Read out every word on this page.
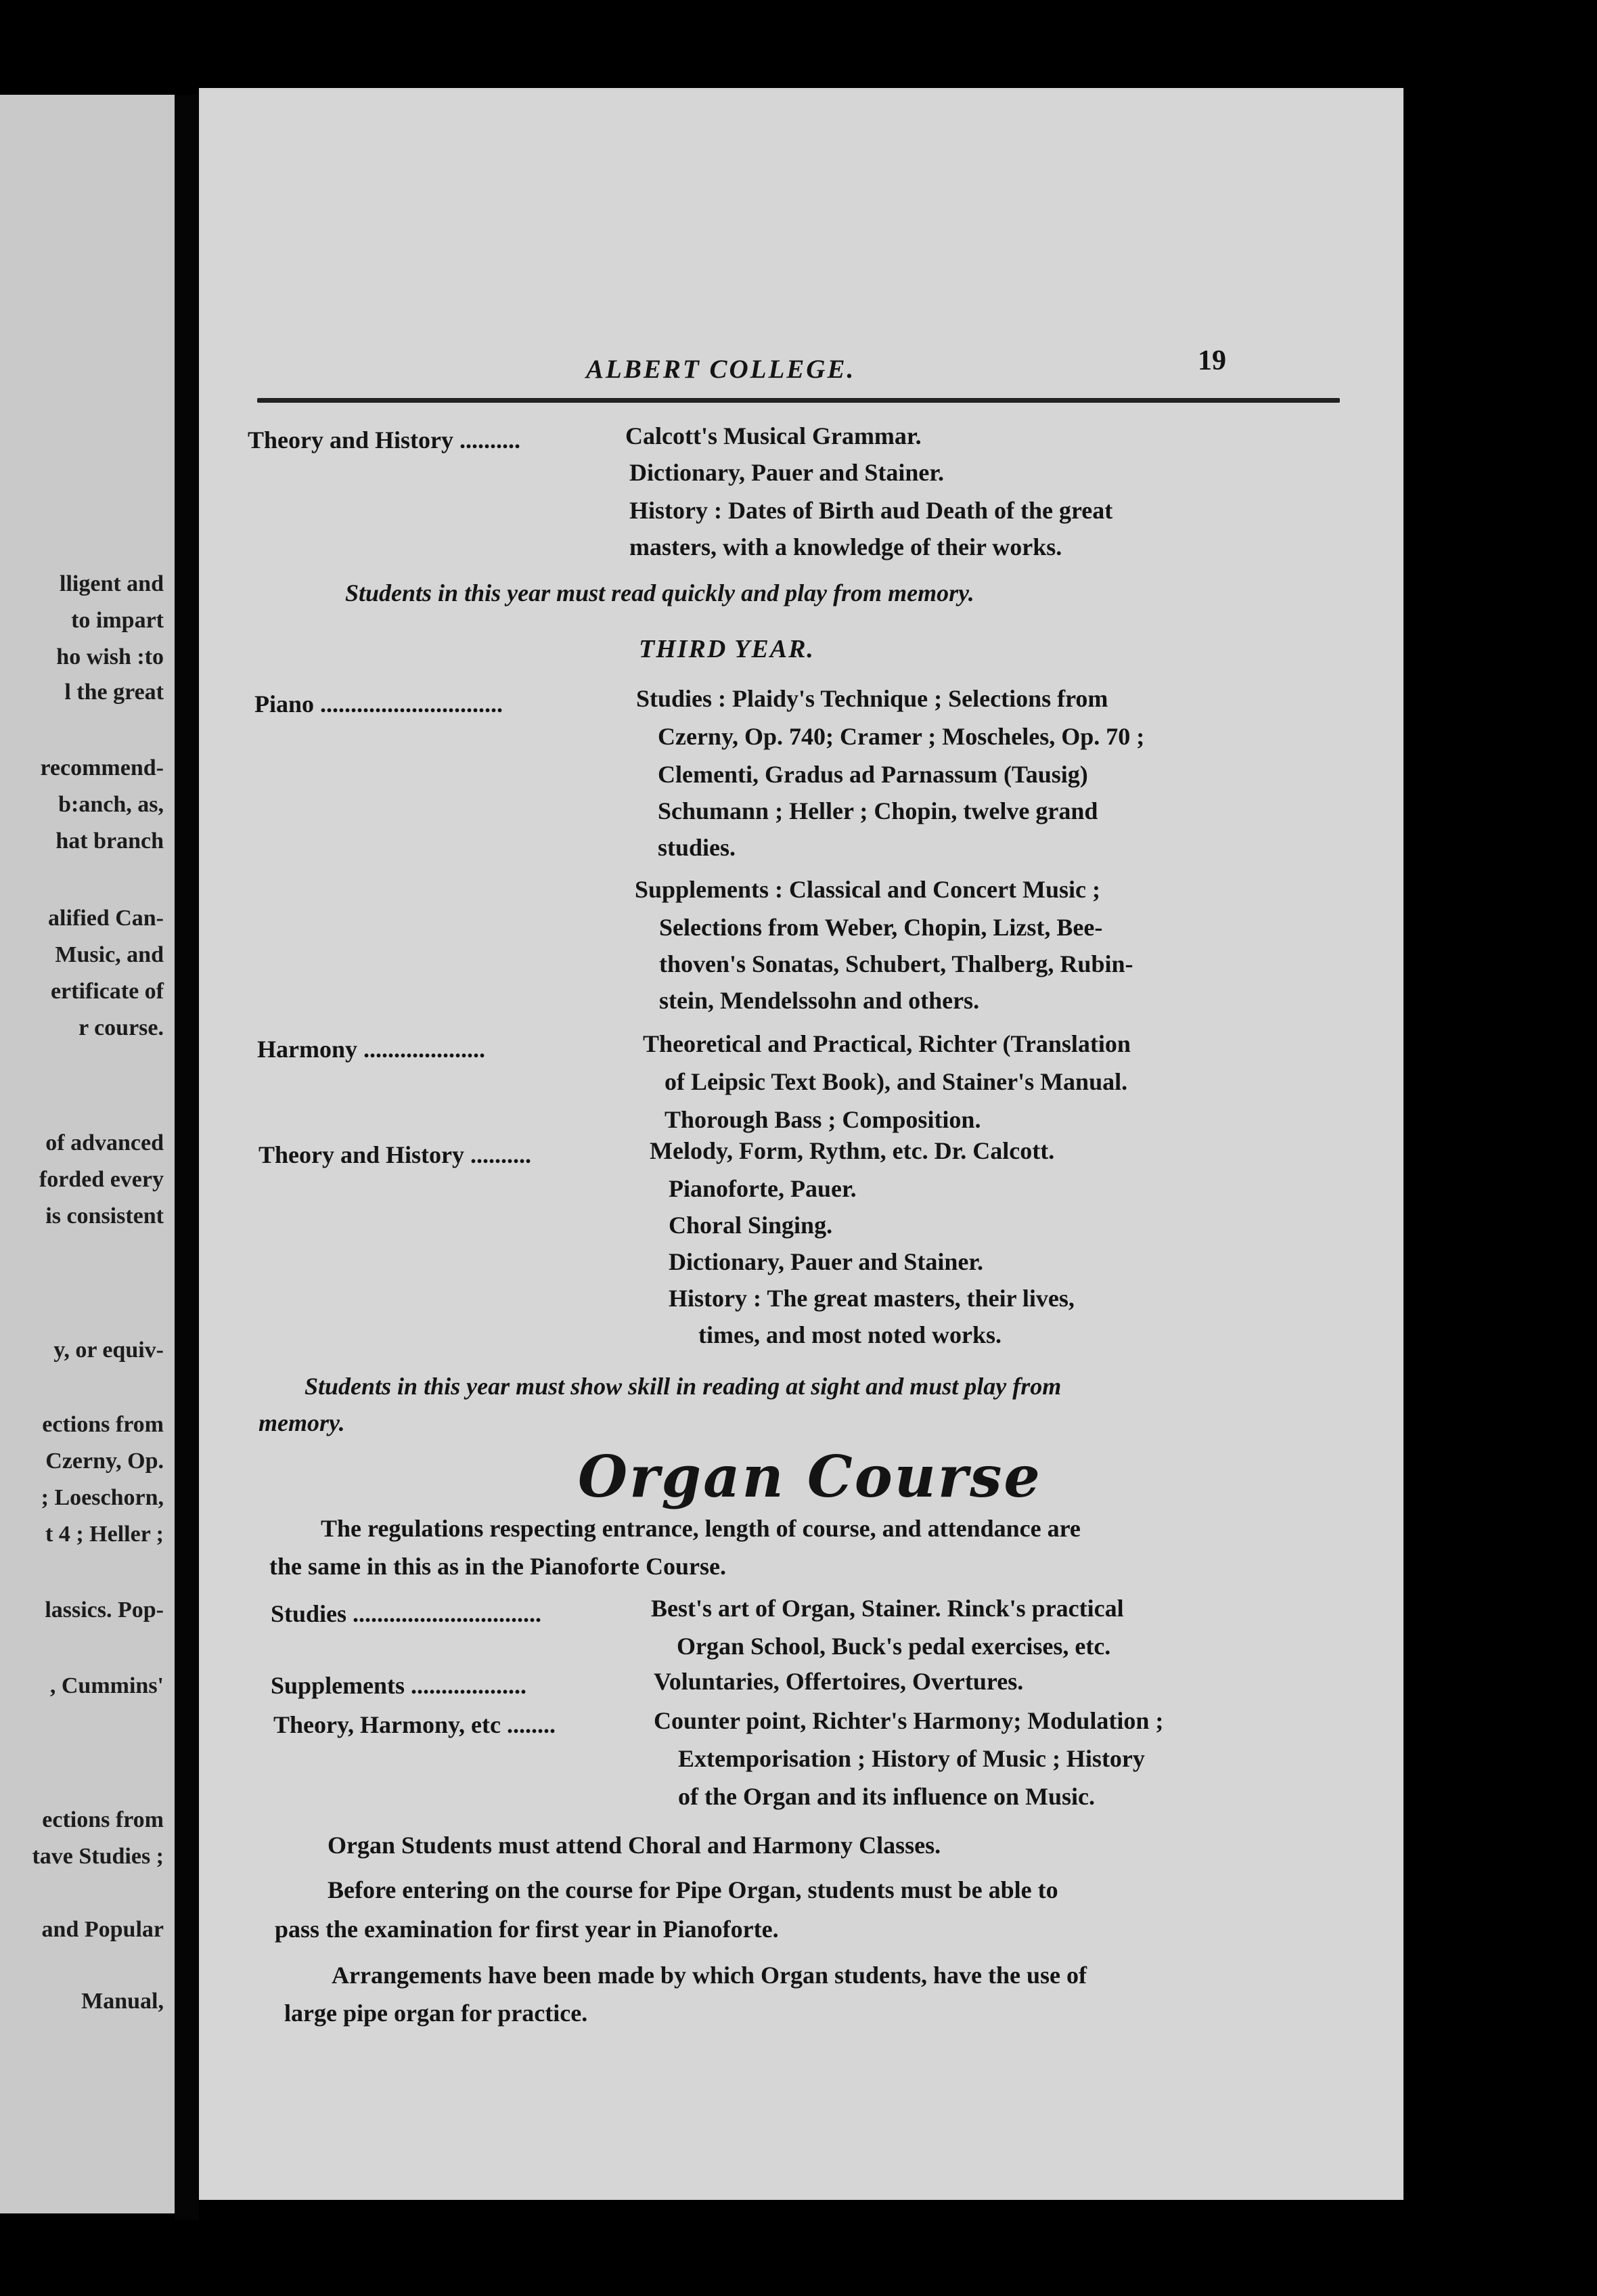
lligent and
to impart
ho wish :to
l the great
recommend-
b:anch, as,
hat branch
alified Can-
Music, and
ertificate of
r course.
of advanced
forded every
is consistent
y, or equiv-
ections from
Czerny, Op.
; Loeschorn,
t 4 ; Heller ;
lassics. Pop-
, Cummins'
ections from
tave Studies ;
and Popular
Manual,
ALBERT COLLEGE.	19
Theory and History ..........	Calcott's Musical Grammar.
Dictionary, Pauer and Stainer.
History : Dates of Birth aud Death of the great
masters, with a knowledge of their works.
Students in this year must read quickly and play from memory.
THIRD YEAR.
Piano ..............................	Studies : Plaidy's Technique ; Selections from
Czerny, Op. 740; Cramer ; Moscheles, Op. 70 ;
Clementi, Gradus ad Parnassum (Tausig)
Schumann ; Heller ; Chopin, twelve grand
studies.
Supplements : Classical and Concert Music ;
Selections from Weber, Chopin, Lizst, Bee-
thoven's Sonatas, Schubert, Thalberg, Rubin-
stein, Mendelssohn and others.
Harmony ....................	Theoretical and Practical, Richter (Translation
of Leipsic Text Book), and Stainer's Manual.
Thorough Bass ; Composition.
Theory and History ..........	Melody, Form, Rythm, etc. Dr. Calcott.
Pianoforte, Pauer.
Choral Singing.
Dictionary, Pauer and Stainer.
History : The great masters, their lives,
times, and most noted works.
Students in this year must show skill in reading at sight and must play from
memory.
Organ Course
The regulations respecting entrance, length of course, and attendance are
the same in this as in the Pianoforte Course.
Studies ...............................	Best's art of Organ, Stainer. Rinck's practical
Organ School, Buck's pedal exercises, etc.
Supplements ...................	Voluntaries, Offertoires, Overtures.
Theory, Harmony, etc ........	Counter point, Richter's Harmony; Modulation ;
Extemporisation ; History of Music ; History
of the Organ and its influence on Music.
Organ Students must attend Choral and Harmony Classes.
Before entering on the course for Pipe Organ, students must be able to
pass the examination for first year in Pianoforte.
Arrangements have been made by which Organ students, have the use of
large pipe organ for practice.
